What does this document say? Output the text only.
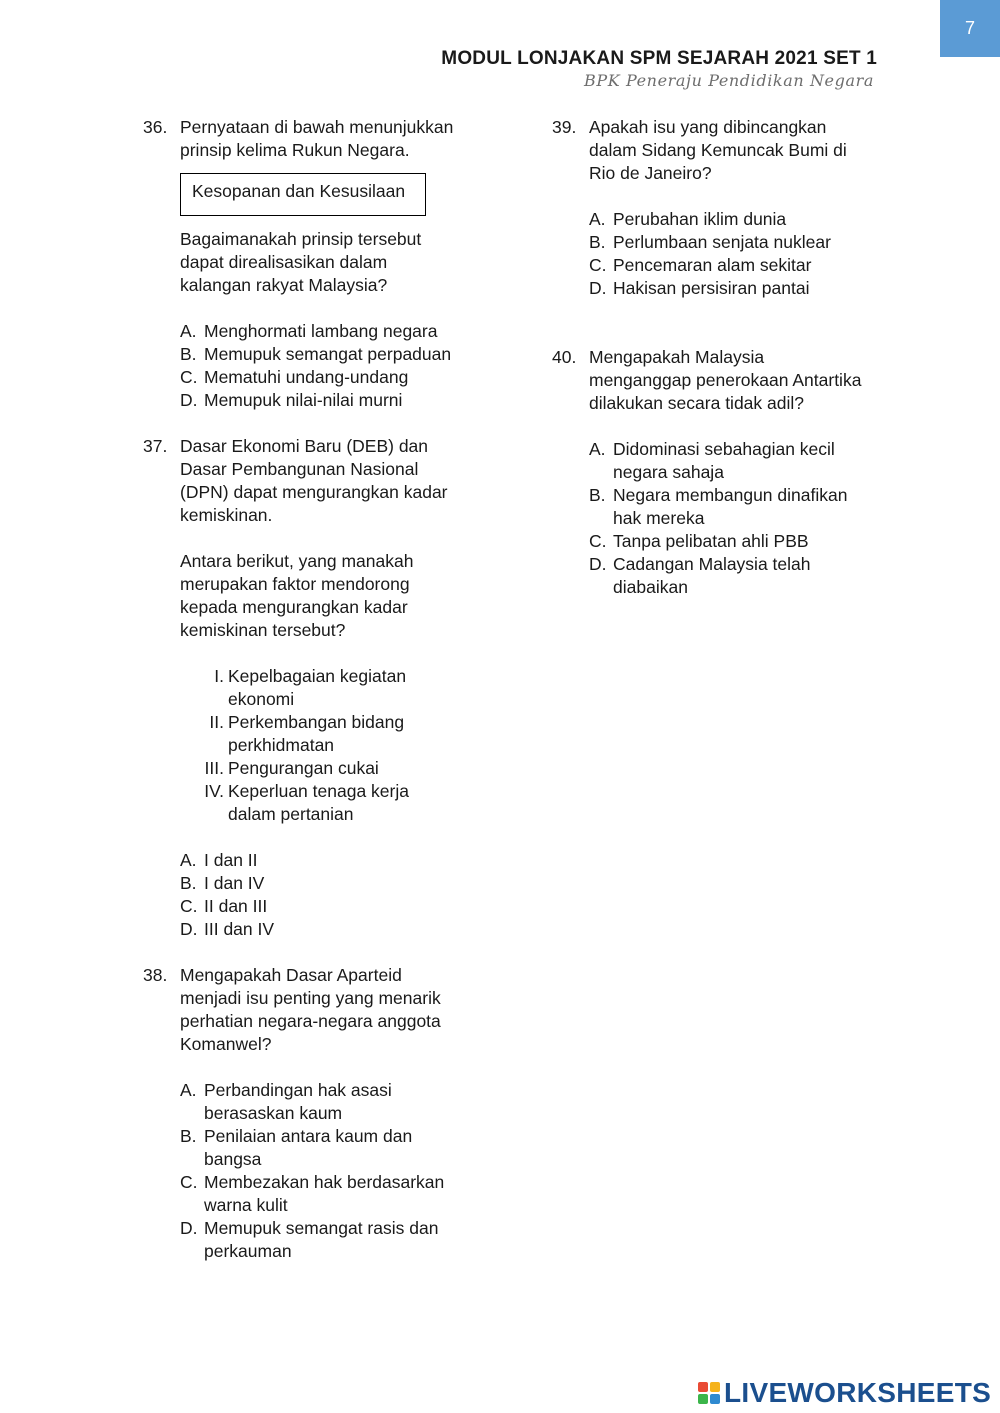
7
MODUL LONJAKAN SPM SEJARAH 2021 SET 1
BPK Peneraju Pendidikan Negara
36. Pernyataan di bawah menunjukkan
prinsip kelima Rukun Negara.
Kesopanan dan Kesusilaan
Bagaimanakah prinsip tersebut
dapat direalisasikan dalam
kalangan rakyat Malaysia?
A. Menghormati lambang negara
B. Memupuk semangat perpaduan
C. Mematuhi undang-undang
D. Memupuk nilai-nilai murni
37. Dasar Ekonomi Baru (DEB) dan
Dasar Pembangunan Nasional
(DPN) dapat mengurangkan kadar
kemiskinan.
Antara berikut, yang manakah
merupakan faktor mendorong
kepada mengurangkan kadar
kemiskinan tersebut?
I. Kepelbagaian kegiatan
ekonomi
II. Perkembangan bidang
perkhidmatan
III. Pengurangan cukai
IV. Keperluan tenaga kerja
dalam pertanian
A. I dan II
B. I dan IV
C. II dan III
D. III dan IV
38. Mengapakah Dasar Aparteid
menjadi isu penting yang menarik
perhatian negara-negara anggota
Komanwel?
A. Perbandingan hak asasi
berasaskan kaum
B. Penilaian antara kaum dan
bangsa
C. Membezakan hak berdasarkan
warna kulit
D. Memupuk semangat rasis dan
perkauman
39. Apakah isu yang dibincangkan
dalam Sidang Kemuncak Bumi di
Rio de Janeiro?
A. Perubahan iklim dunia
B. Perlumbaan senjata nuklear
C. Pencemaran alam sekitar
D. Hakisan persisiran pantai
40. Mengapakah Malaysia
menganggap penerokaan Antartika
dilakukan secara tidak adil?
A. Didominasi sebahagian kecil
negara sahaja
B. Negara membangun dinafikan
hak mereka
C. Tanpa pelibatan ahli PBB
D. Cadangan Malaysia telah
diabaikan
LIVEWORKSHEETS
